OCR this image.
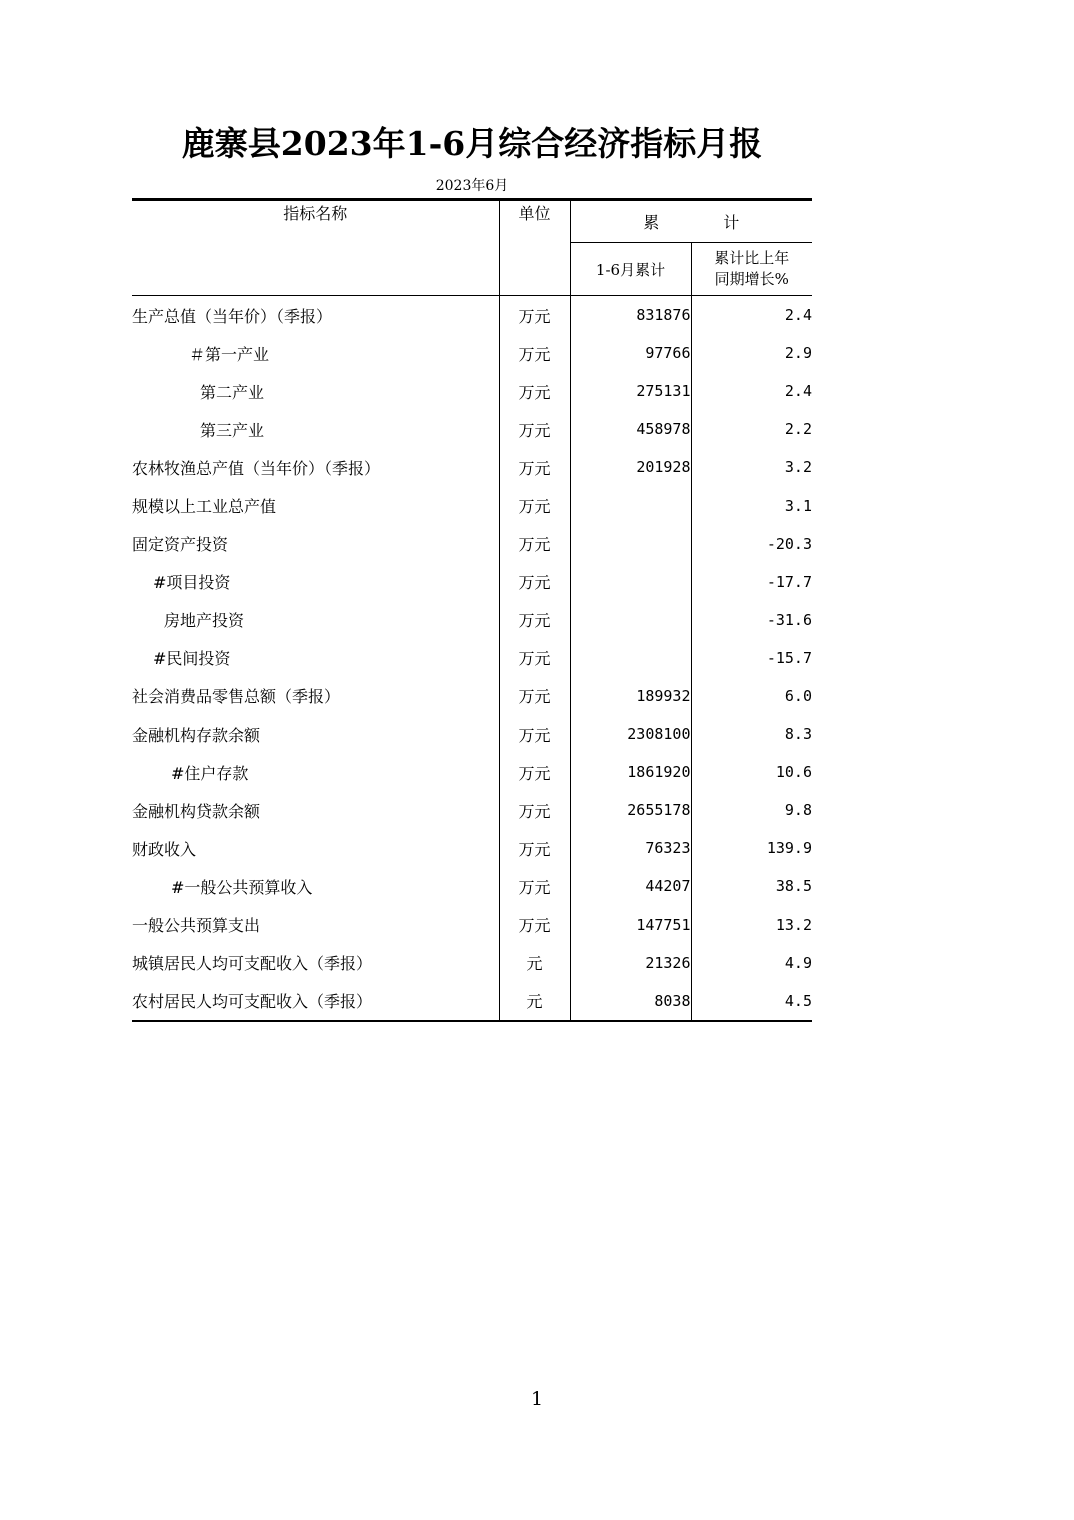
鹿寨县2023年1-6月综合经济指标月报
2023年6月
指标名称	单位	累 计	
		1-6月累计	累计比上年
同期增长%
生产总值（当年价）（季报）	万元	831876	2.4
＃第一产业	万元	97766	2.9
第二产业	万元	275131	2.4
第三产业	万元	458978	2.2
农林牧渔总产值（当年价）（季报）	万元	201928	3.2
规模以上工业总产值	万元		3.1
固定资产投资	万元		-20.3
#项目投资	万元		-17.7
房地产投资	万元		-31.6
#民间投资	万元		-15.7
社会消费品零售总额（季报）	万元	189932	6.0
金融机构存款余额	万元	2308100	8.3
#住户存款	万元	1861920	10.6
金融机构贷款余额	万元	2655178	9.8
财政收入	万元	76323	139.9
#一般公共预算收入	万元	44207	38.5
一般公共预算支出	万元	147751	13.2
城镇居民人均可支配收入（季报）	元	21326	4.9
农村居民人均可支配收入（季报）	元	8038	4.5
1
